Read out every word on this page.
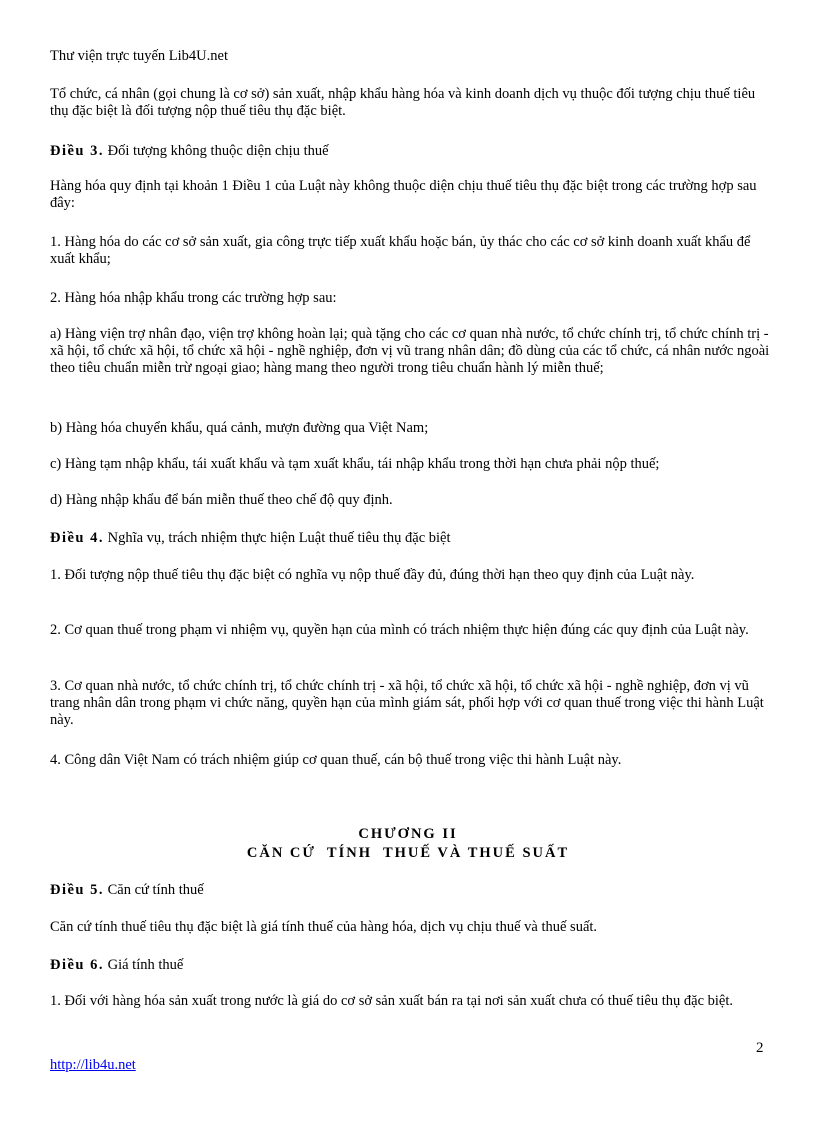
Thư viện trực tuyến Lib4U.net

Tổ chức, cá nhân (gọi chung là cơ sở) sản xuất, nhập khẩu hàng hóa và kinh doanh dịch vụ thuộc đối tượng chịu thuế tiêu thụ đặc biệt là đối tượng nộp thuế tiêu thụ đặc biệt.

Điều 3. Đối tượng không thuộc diện chịu thuế

Hàng hóa quy định tại khoản 1 Điều 1 của Luật này không thuộc diện chịu thuế tiêu thụ đặc biệt trong các trường hợp sau đây:

1. Hàng hóa do các cơ sở sản xuất, gia công trực tiếp xuất khẩu hoặc bán, ủy thác cho các cơ sở kinh doanh xuất khẩu để xuất khẩu;

2. Hàng hóa nhập khẩu trong các trường hợp sau:

a) Hàng viện trợ nhân đạo, viện trợ không hoàn lại; quà tặng cho các cơ quan nhà nước, tổ chức chính trị, tổ chức chính trị - xã hội, tổ chức xã hội, tổ chức xã hội - nghề nghiệp, đơn vị vũ trang nhân dân; đồ dùng của các tổ chức, cá nhân nước ngoài theo tiêu chuẩn miễn trừ ngoại giao; hàng mang theo người trong tiêu chuẩn hành lý miễn thuế;

b) Hàng hóa chuyển khẩu, quá cảnh, mượn đường qua Việt Nam;

c) Hàng tạm nhập khẩu, tái xuất khẩu và tạm xuất khẩu, tái nhập khẩu trong thời hạn chưa phải nộp thuế;

d) Hàng nhập khẩu để bán miễn thuế theo chế độ quy định.

Điều 4. Nghĩa vụ, trách nhiệm thực hiện Luật thuế tiêu thụ đặc biệt

1. Đối tượng nộp thuế tiêu thụ đặc biệt có nghĩa vụ nộp thuế đầy đủ, đúng thời hạn theo quy định của Luật này.

2. Cơ quan thuế trong phạm vi nhiệm vụ, quyền hạn của mình có trách nhiệm thực hiện đúng các quy định của Luật này.

3. Cơ quan nhà nước, tổ chức chính trị, tổ chức chính trị - xã hội, tổ chức xã hội, tổ chức xã hội - nghề nghiệp, đơn vị vũ trang nhân dân trong phạm vi chức năng, quyền hạn của mình giám sát, phối hợp với cơ quan thuế trong việc thi hành Luật này.

4. Công dân Việt Nam có trách nhiệm giúp cơ quan thuế, cán bộ thuế trong việc thi hành Luật này.

CHƯƠNG II

CĂN CỨ  TÍNH  THUẾ VÀ THUẾ SUẤT

Điều 5. Căn cứ tính thuế

Căn cứ tính thuế tiêu thụ đặc biệt là giá tính thuế của hàng hóa, dịch vụ chịu thuế và thuế suất.

Điều 6. Giá tính thuế

1. Đối với hàng hóa sản xuất trong nước là giá do cơ sở sản xuất bán ra tại nơi sản xuất chưa có thuế tiêu thụ đặc biệt.

2
http://lib4u.net
